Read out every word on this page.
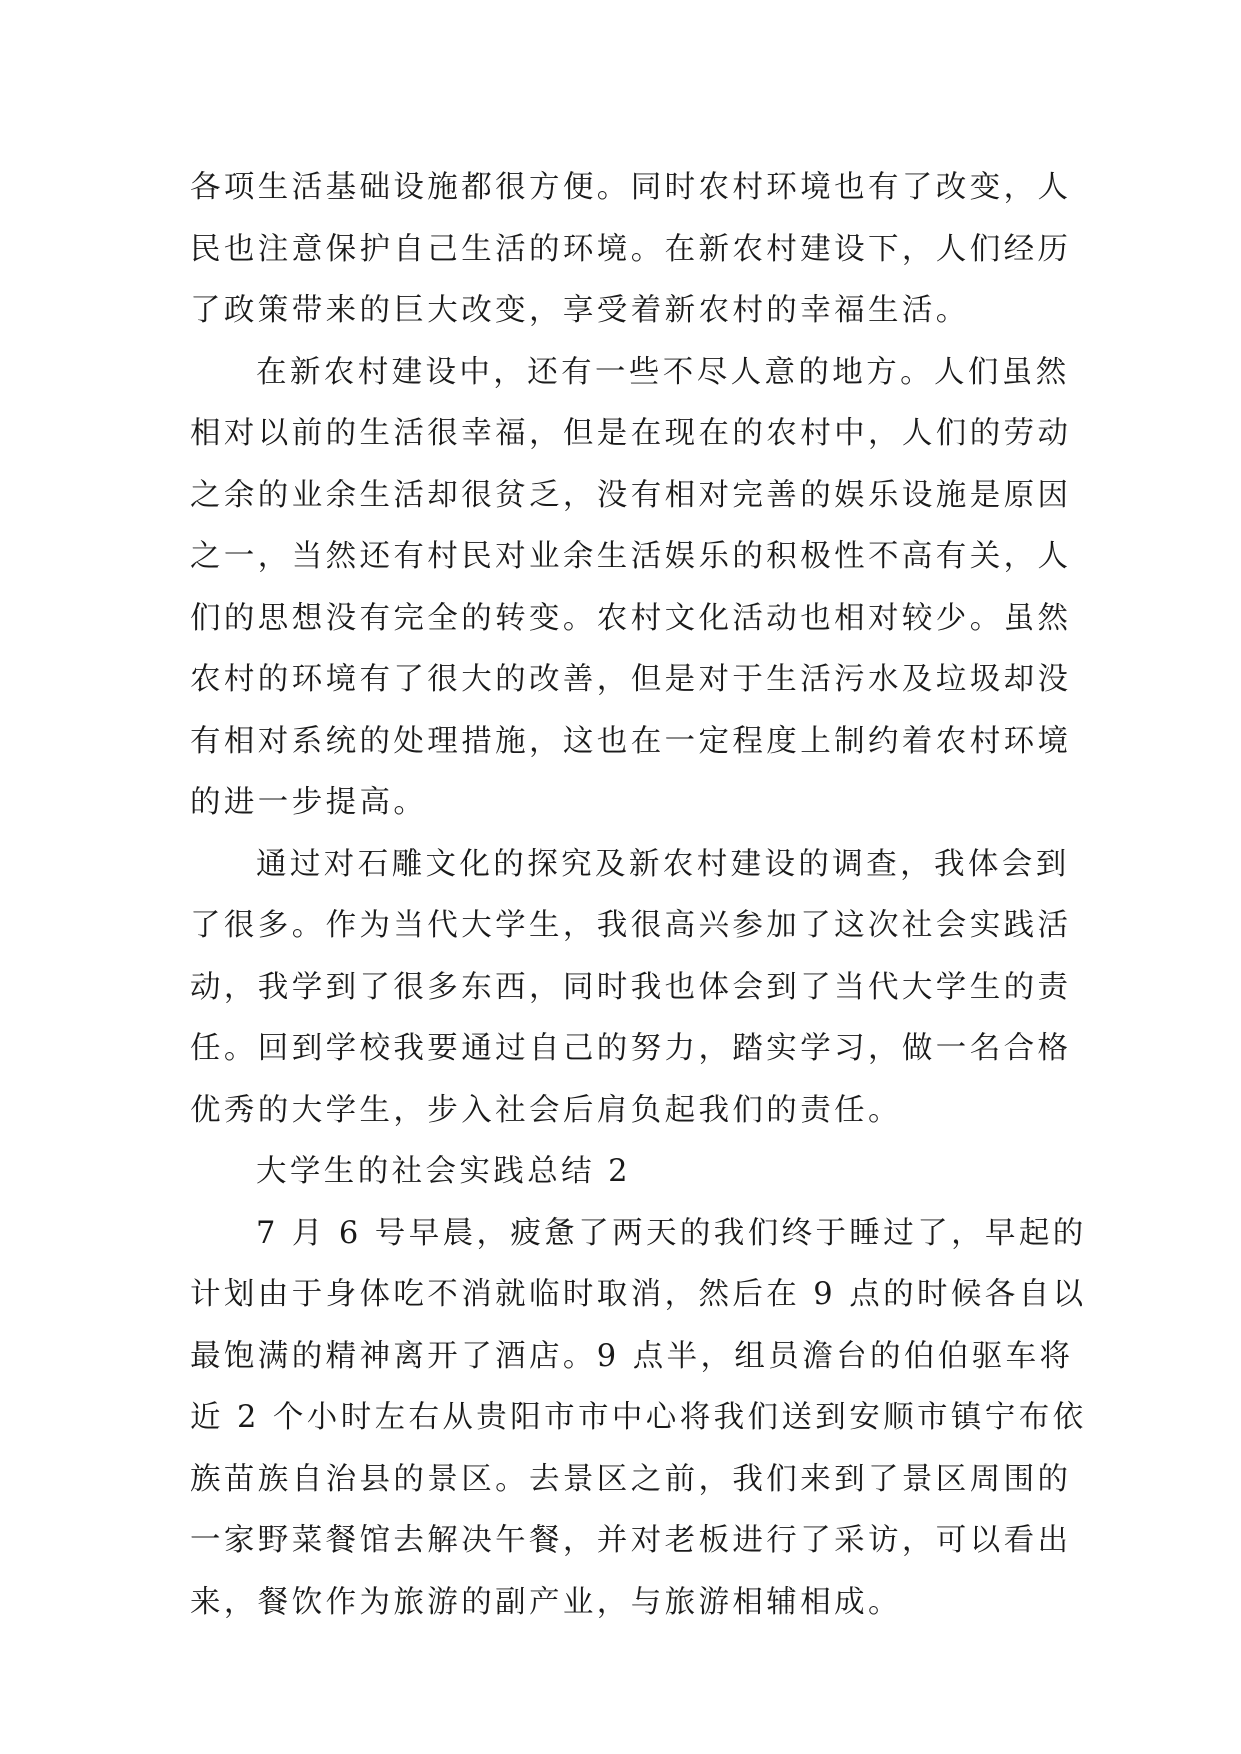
各项生活基础设施都很方便。同时农村环境也有了改变，人
民也注意保护自己生活的环境。在新农村建设下，人们经历
了政策带来的巨大改变，享受着新农村的幸福生活。
在新农村建设中，还有一些不尽人意的地方。人们虽然
相对以前的生活很幸福，但是在现在的农村中，人们的劳动
之余的业余生活却很贫乏，没有相对完善的娱乐设施是原因
之一，当然还有村民对业余生活娱乐的积极性不高有关，人
们的思想没有完全的转变。农村文化活动也相对较少。虽然
农村的环境有了很大的改善，但是对于生活污水及垃圾却没
有相对系统的处理措施，这也在一定程度上制约着农村环境
的进一步提高。
通过对石雕文化的探究及新农村建设的调查，我体会到
了很多。作为当代大学生，我很高兴参加了这次社会实践活
动，我学到了很多东西，同时我也体会到了当代大学生的责
任。回到学校我要通过自己的努力，踏实学习，做一名合格
优秀的大学生，步入社会后肩负起我们的责任。
大学生的社会实践总结 2
7 月 6 号早晨，疲惫了两天的我们终于睡过了，早起的
计划由于身体吃不消就临时取消，然后在 9 点的时候各自以
最饱满的精神离开了酒店。9 点半，组员澹台的伯伯驱车将
近 2 个小时左右从贵阳市市中心将我们送到安顺市镇宁布依
族苗族自治县的景区。去景区之前，我们来到了景区周围的
一家野菜餐馆去解决午餐，并对老板进行了采访，可以看出
来，餐饮作为旅游的副产业，与旅游相辅相成。
